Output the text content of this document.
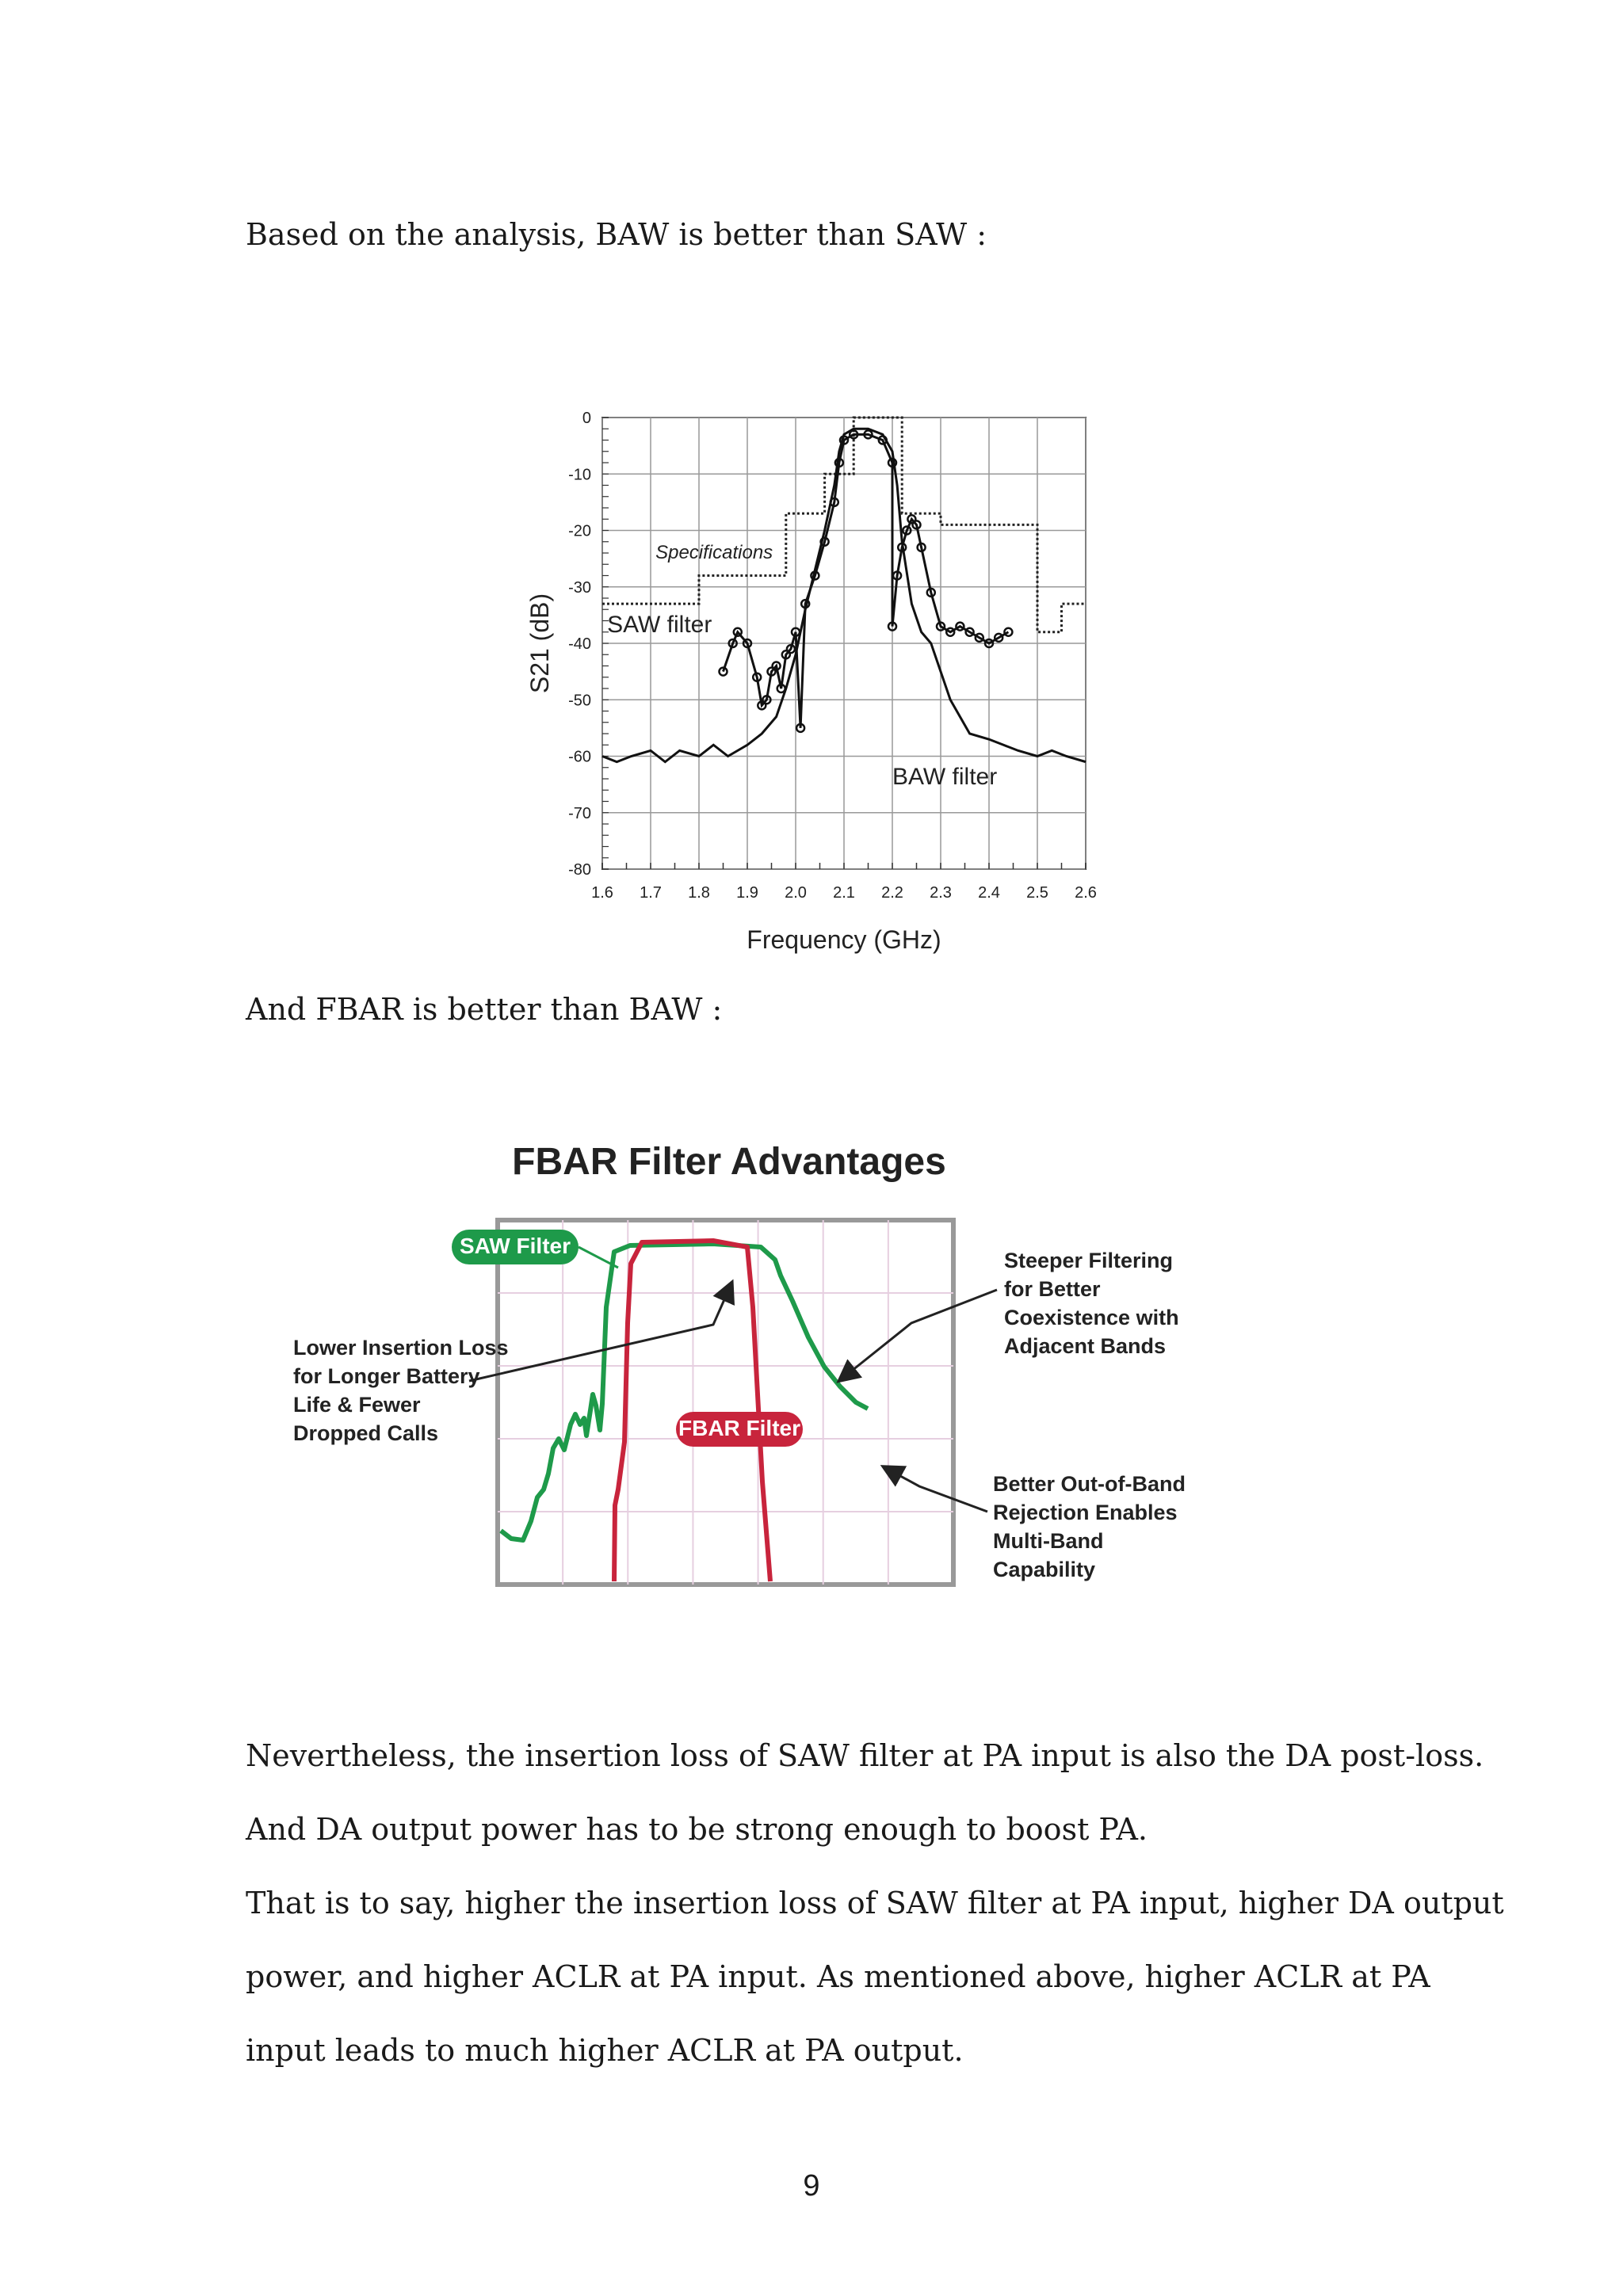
Based on the analysis, BAW is better than SAW :
1.6 1.7 1.8 1.9 2.0 2.1 2.2 2.3 2.4 2.5 2.6
0
-10
-20
-30
-40
-50
-60
-70
-80
Specifications
SAW filter
BAW filter
Frequency (GHz)
S21 (dB)
And FBAR is better than BAW :
FBAR Filter Advantages
SAW Filter
FBAR Filter
Lower Insertion Loss
for Longer Battery
Life & Fewer
Dropped Calls
Steeper Filtering
for Better
Coexistence with
Adjacent Bands
Better Out-of-Band
Rejection Enables
Multi-Band
Capability
Nevertheless, the insertion loss of SAW filter at PA input is also the DA post-loss.
And DA output power has to be strong enough to boost PA.
That is to say, higher the insertion loss of SAW filter at PA input, higher DA output
power, and higher ACLR at PA input. As mentioned above, higher ACLR at PA
input leads to much higher ACLR at PA output.
9
